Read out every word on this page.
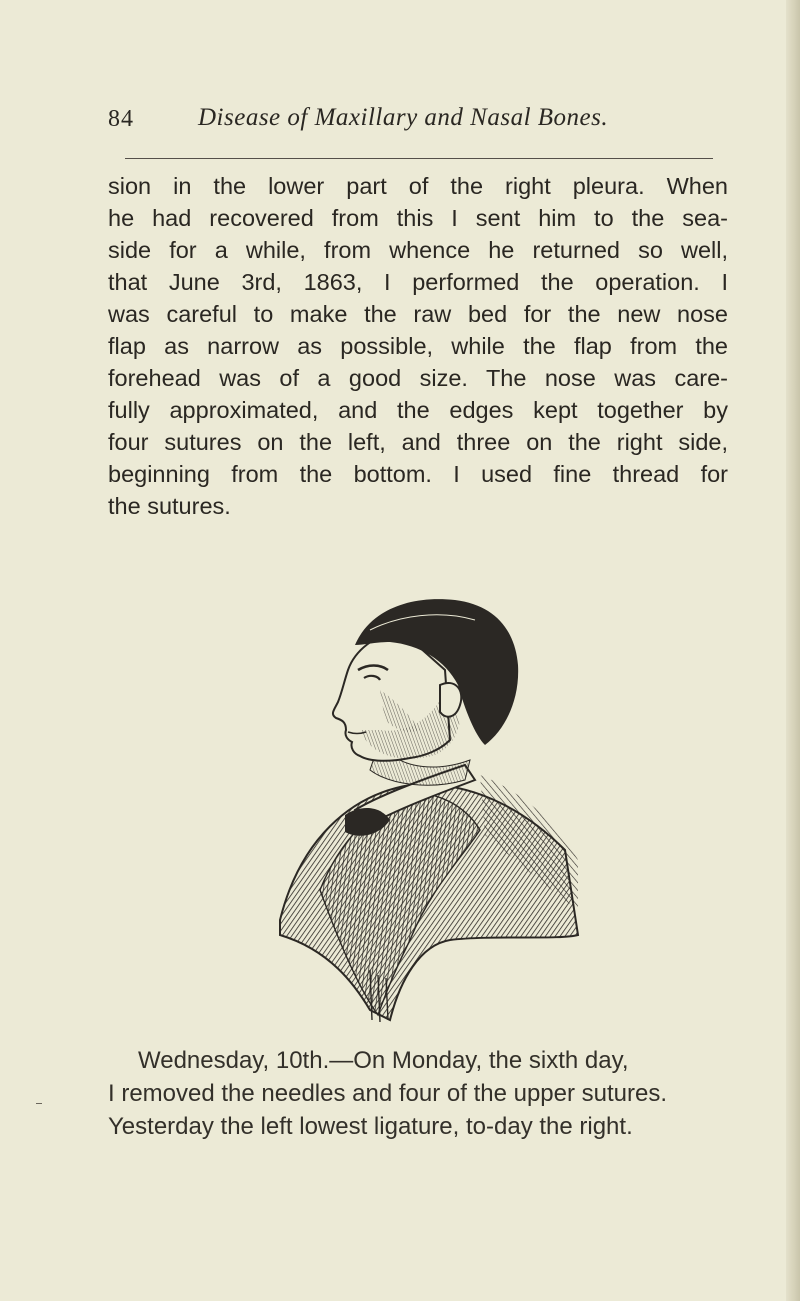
84	Disease of Maxillary and Nasal Bones.
sion in the lower part of the right pleura. When
he had recovered from this I sent him to the sea-
side for a while, from whence he returned so well,
that June 3rd, 1863, I performed the operation. I
was careful to make the raw bed for the new nose
flap as narrow as possible, while the flap from the
forehead was of a good size. The nose was care-
fully approximated, and the edges kept together by
four sutures on the left, and three on the right side,
beginning from the bottom. I used fine thread for
the sutures.
Wednesday, 10th.—On Monday, the sixth day,
I removed the needles and four of the upper sutures.
Yesterday the left lowest ligature, to-day the right.
